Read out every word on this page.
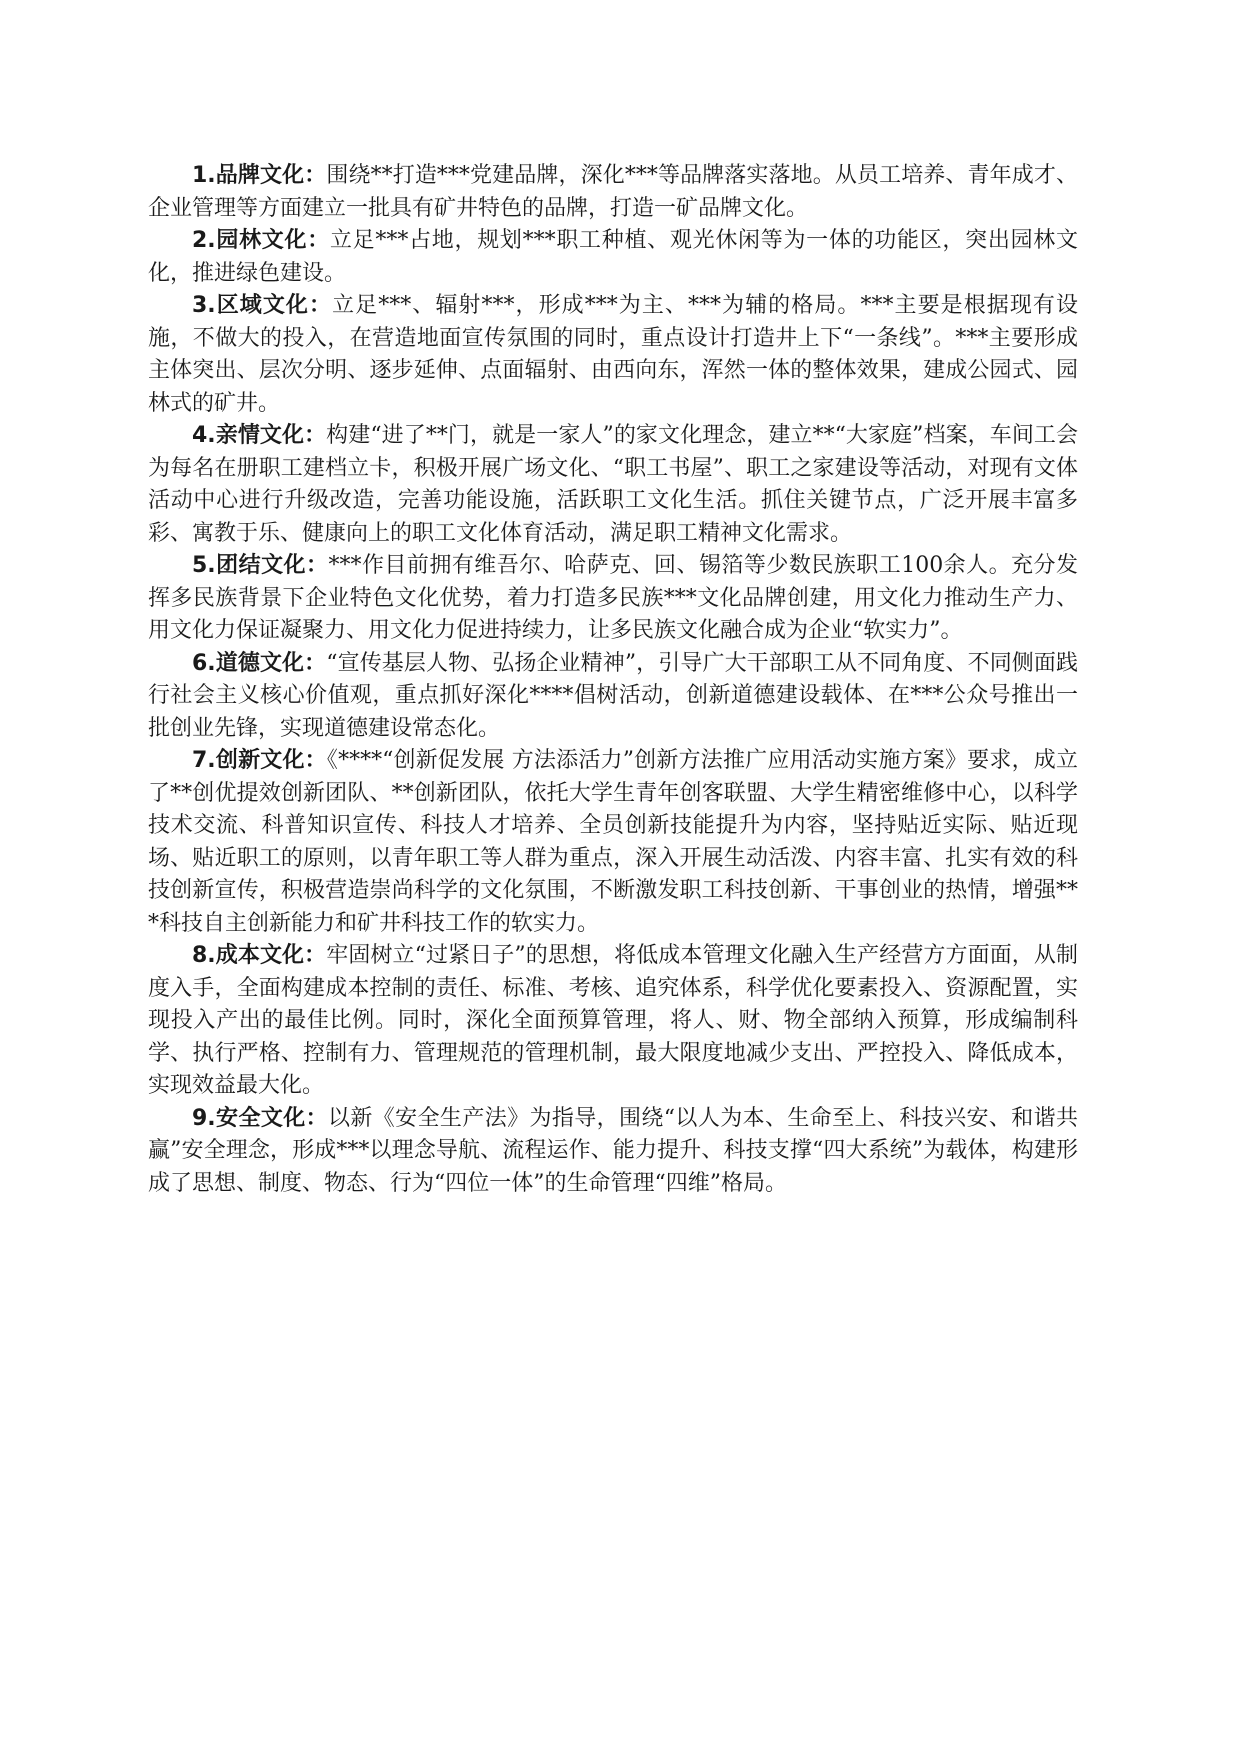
1.品牌文化：围绕**打造***党建品牌，深化***等品牌落实落地。从员工培养、青年成才、企业管理等方面建立一批具有矿井特色的品牌，打造一矿品牌文化。

2.园林文化：立足***占地，规划***职工种植、观光休闲等为一体的功能区，突出园林文化，推进绿色建设。

3.区域文化：立足***、辐射***，形成***为主、***为辅的格局。***主要是根据现有设施，不做大的投入，在营造地面宣传氛围的同时，重点设计打造井上下“一条线”。***主要形成主体突出、层次分明、逐步延伸、点面辐射、由西向东，浑然一体的整体效果，建成公园式、园林式的矿井。

4.亲情文化：构建“进了**门，就是一家人”的家文化理念，建立**“大家庭”档案，车间工会为每名在册职工建档立卡，积极开展广场文化、“职工书屋”、职工之家建设等活动，对现有文体活动中心进行升级改造，完善功能设施，活跃职工文化生活。抓住关键节点，广泛开展丰富多彩、寓教于乐、健康向上的职工文化体育活动，满足职工精神文化需求。

5.团结文化：***作目前拥有维吾尔、哈萨克、回、锡箔等少数民族职工100余人。充分发挥多民族背景下企业特色文化优势，着力打造多民族***文化品牌创建，用文化力推动生产力、用文化力保证凝聚力、用文化力促进持续力，让多民族文化融合成为企业“软实力”。

6.道德文化：“宣传基层人物、弘扬企业精神”，引导广大干部职工从不同角度、不同侧面践行社会主义核心价值观，重点抓好深化****倡树活动，创新道德建设载体、在***公众号推出一批创业先锋，实现道德建设常态化。

7.创新文化：《****“创新促发展 方法添活力”创新方法推广应用活动实施方案》要求，成立了**创优提效创新团队、**创新团队，依托大学生青年创客联盟、大学生精密维修中心，以科学技术交流、科普知识宣传、科技人才培养、全员创新技能提升为内容，坚持贴近实际、贴近现场、贴近职工的原则，以青年职工等人群为重点，深入开展生动活泼、内容丰富、扎实有效的科技创新宣传，积极营造崇尚科学的文化氛围，不断激发职工科技创新、干事创业的热情，增强***科技自主创新能力和矿井科技工作的软实力。

8.成本文化：牢固树立“过紧日子”的思想，将低成本管理文化融入生产经营方方面面，从制度入手，全面构建成本控制的责任、标准、考核、追究体系，科学优化要素投入、资源配置，实现投入产出的最佳比例。同时，深化全面预算管理，将人、财、物全部纳入预算，形成编制科学、执行严格、控制有力、管理规范的管理机制，最大限度地减少支出、严控投入、降低成本，实现效益最大化。

9.安全文化：以新《安全生产法》为指导，围绕“以人为本、生命至上、科技兴安、和谐共赢”安全理念，形成***以理念导航、流程运作、能力提升、科技支撑“四大系统”为载体，构建形成了思想、制度、物态、行为“四位一体”的生命管理“四维”格局。
